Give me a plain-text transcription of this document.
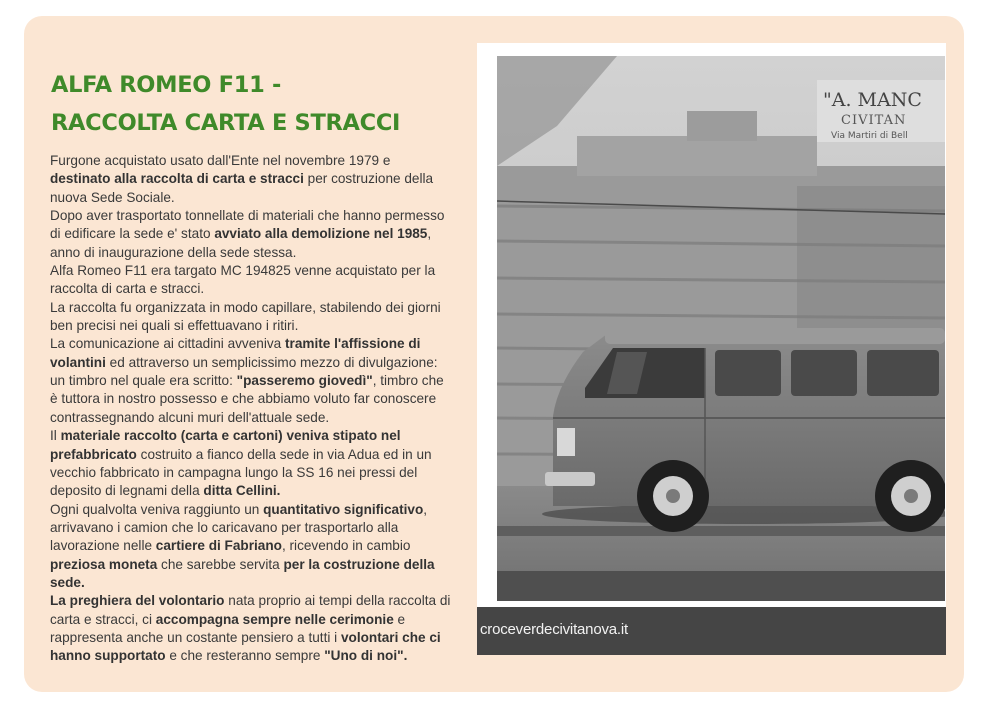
ALFA ROMEO F11 -
RACCOLTA CARTA E STRACCI

Furgone acquistato usato dall'Ente nel novembre 1979 e destinato alla raccolta di carta e stracci per costruzione della nuova Sede Sociale.

Dopo aver trasportato tonnellate di materiali che hanno permesso di edificare la sede e' stato avviato alla demolizione nel 1985, anno di inaugurazione della sede stessa.

Alfa Romeo F11 era targato MC 194825 venne acquistato per la raccolta di carta e stracci.

La raccolta fu organizzata in modo capillare, stabilendo dei giorni ben precisi nei quali si effettuavano i ritiri.

La comunicazione ai cittadini avveniva tramite l'affissione di volantini ed attraverso un semplicissimo mezzo di divulgazione: un timbro nel quale era scritto: "passeremo giovedì", timbro che è tuttora in nostro possesso e che abbiamo voluto far conoscere contrassegnando alcuni muri dell'attuale sede.

Il materiale raccolto (carta e cartoni) veniva stipato nel prefabbricato costruito a fianco della sede in via Adua ed in un vecchio fabbricato in campagna lungo la SS 16 nei pressi del deposito di legnami della ditta Cellini.

Ogni qualvolta veniva raggiunto un quantitativo significativo, arrivavano i camion che lo caricavano per trasportarlo alla lavorazione nelle cartiere di Fabriano, ricevendo in cambio preziosa moneta che sarebbe servita per la costruzione della sede.

La preghiera del volontario nata proprio ai tempi della raccolta di carta e stracci, ci accompagna sempre nelle cerimonie e rappresenta anche un costante pensiero a tutti i volontari che ci hanno supportato e che resteranno sempre "Uno di noi".

"A. MANC
CIVITAN
Via Martiri di Bell
croceverdecivitanova.it
